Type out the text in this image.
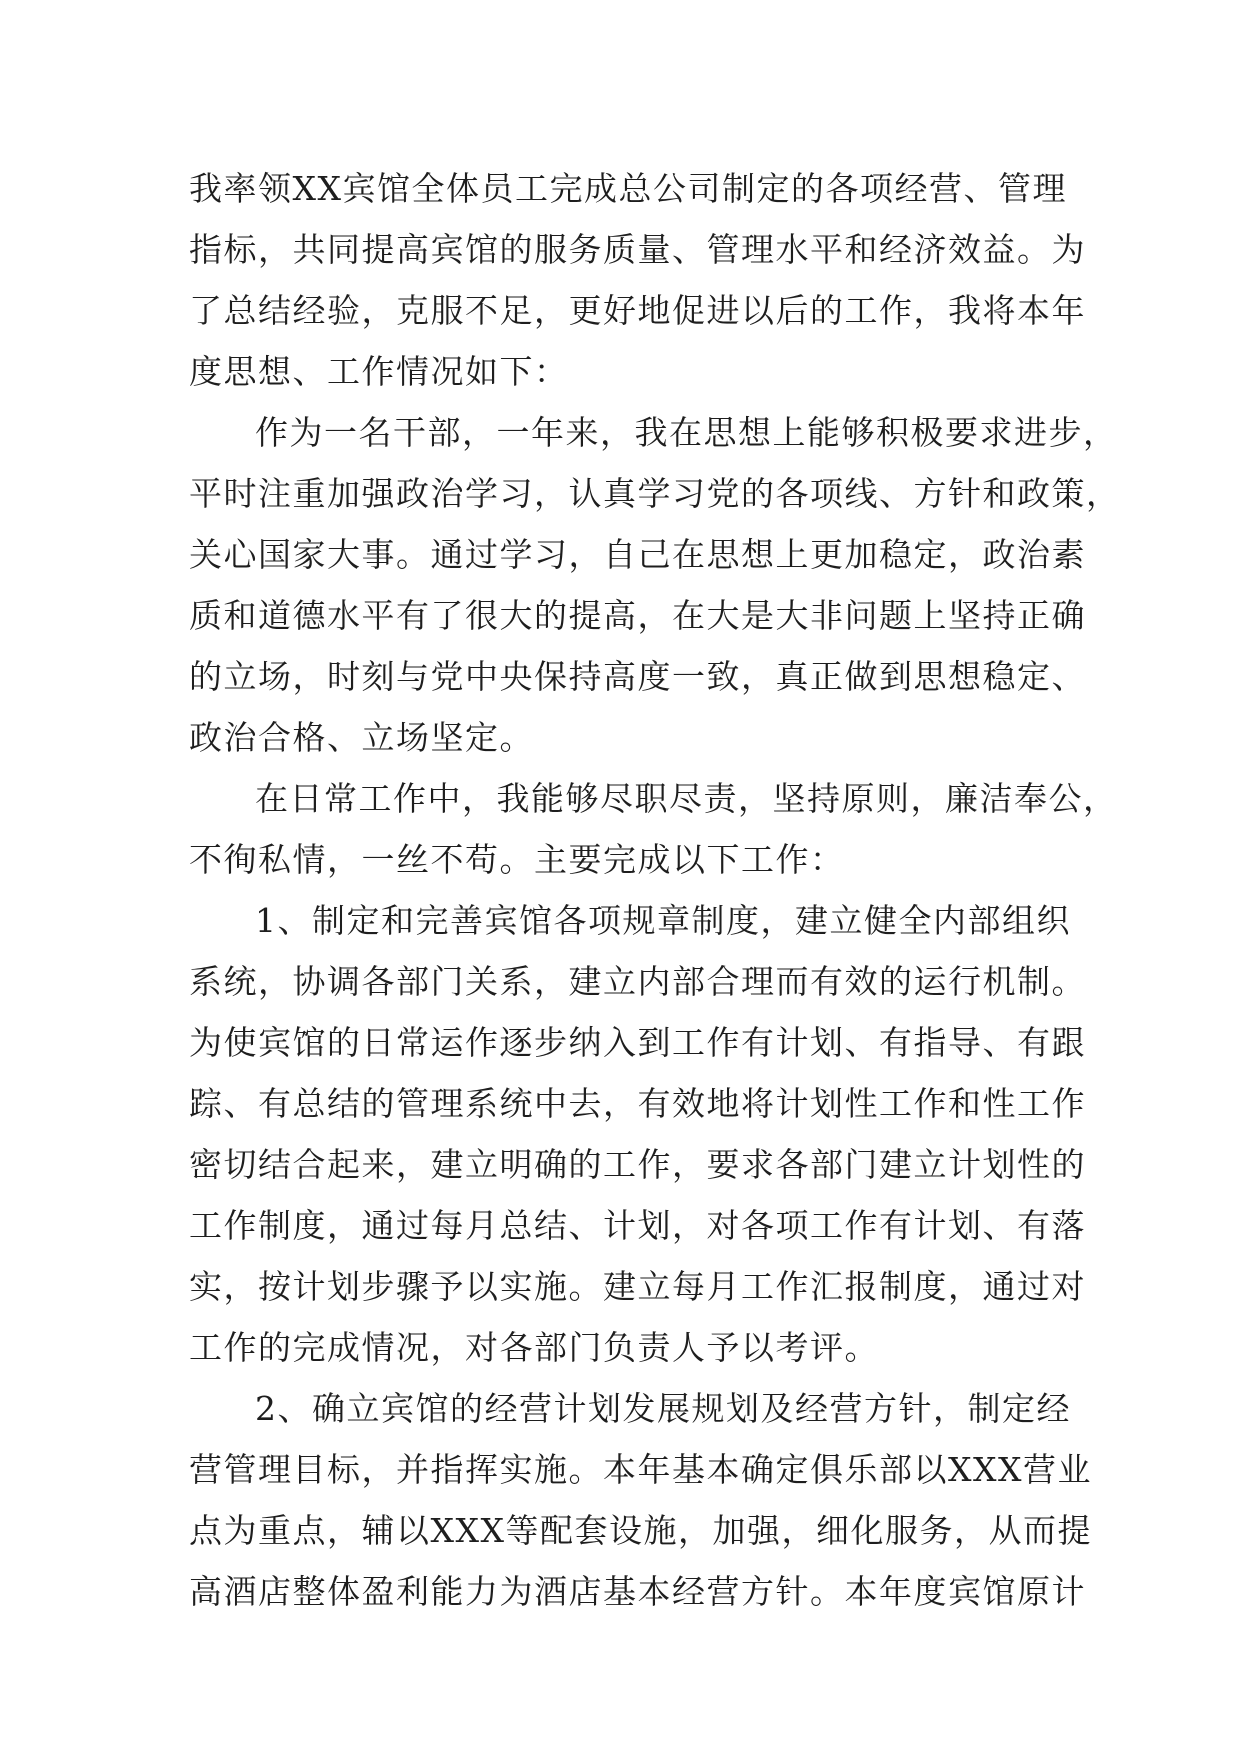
我率领XX宾馆全体员工完成总公司制定的各项经营、管理
指标，共同提高宾馆的服务质量、管理水平和经济效益。为
了总结经验，克服不足，更好地促进以后的工作，我将本年
度思想、工作情况如下：
作为一名干部，一年来，我在思想上能够积极要求进步，
平时注重加强政治学习，认真学习党的各项线、方针和政策，
关心国家大事。通过学习，自己在思想上更加稳定，政治素
质和道德水平有了很大的提高，在大是大非问题上坚持正确
的立场，时刻与党中央保持高度一致，真正做到思想稳定、
政治合格、立场坚定。
在日常工作中，我能够尽职尽责，坚持原则，廉洁奉公，
不徇私情，一丝不苟。主要完成以下工作：
1、制定和完善宾馆各项规章制度，建立健全内部组织
系统，协调各部门关系，建立内部合理而有效的运行机制。
为使宾馆的日常运作逐步纳入到工作有计划、有指导、有跟
踪、有总结的管理系统中去，有效地将计划性工作和性工作
密切结合起来，建立明确的工作，要求各部门建立计划性的
工作制度，通过每月总结、计划，对各项工作有计划、有落
实，按计划步骤予以实施。建立每月工作汇报制度，通过对
工作的完成情况，对各部门负责人予以考评。
2、确立宾馆的经营计划发展规划及经营方针，制定经
营管理目标，并指挥实施。本年基本确定俱乐部以XXX营业
点为重点，辅以XXX等配套设施，加强，细化服务，从而提
高酒店整体盈利能力为酒店基本经营方针。本年度宾馆原计
